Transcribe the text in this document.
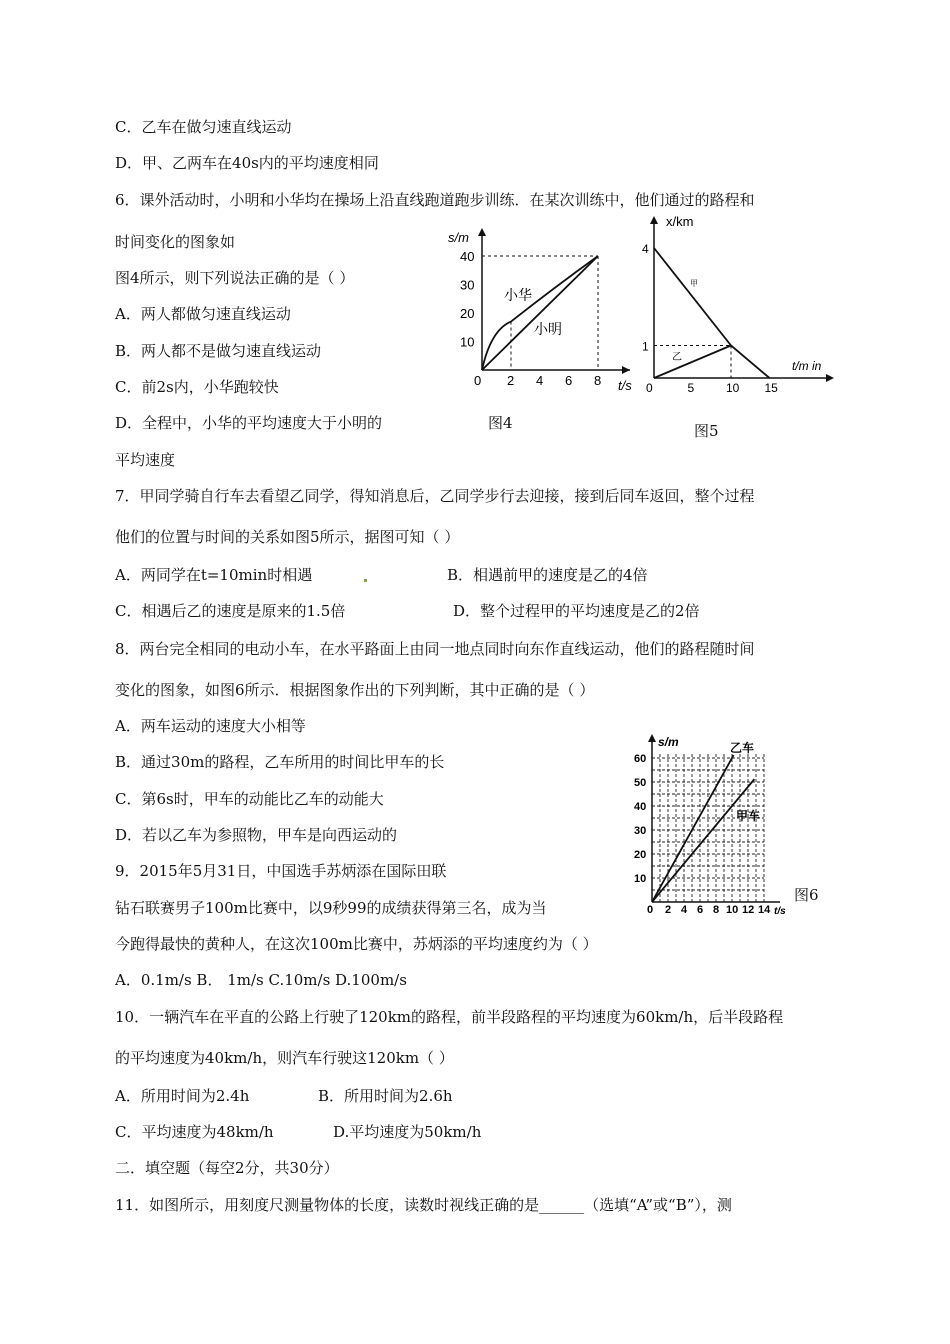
C．乙车在做匀速直线运动
D．甲、乙两车在40s内的平均速度相同
6．课外活动时，小明和小华均在操场上沿直线跑道跑步训练．在某次训练中，他们通过的路程和
时间变化的图象如
图4所示，则下列说法正确的是（ ）
A．两人都做匀速直线运动
B．两人都不是做匀速直线运动
C．前2s内，小华跑较快
D．全程中，小华的平均速度大于小明的
平均速度
7．甲同学骑自行车去看望乙同学，得知消息后，乙同学步行去迎接，接到后同车返回，整个过程
他们的位置与时间的关系如图5所示，据图可知（ ）
A．两同学在t=10min时相遇	B．相遇前甲的速度是乙的4倍
C．相遇后乙的速度是原来的1.5倍	D．整个过程甲的平均速度是乙的2倍
8．两台完全相同的电动小车，在水平路面上由同一地点同时向东作直线运动，他们的路程随时间
变化的图象，如图6所示．根据图象作出的下列判断，其中正确的是（ ）
A．两车运动的速度大小相等
B．通过30m的路程，乙车所用的时间比甲车的长
C．第6s时，甲车的动能比乙车的动能大
D．若以乙车为参照物，甲车是向西运动的
9．2015年5月31日，中国选手苏炳添在国际田联
钻石联赛男子100m比赛中，以9秒99的成绩获得第三名，成为当
今跑得最快的黄种人，在这次100m比赛中，苏炳添的平均速度约为（ ）
A．0.1m/s B． 1m/s C.10m/s D.100m/s
10．一辆汽车在平直的公路上行驶了120km的路程，前半段路程的平均速度为60km/h，后半段路程
的平均速度为40km/h，则汽车行驶这120km（ ）
A．所用时间为2.4h	B．所用时间为2.6h
C．平均速度为48km/h	D.平均速度为50km/h
二．填空题（每空2分，共30分）
11．如图所示，用刻度尺测量物体的长度，读数时视线正确的是______（选填“A”或“B”），测
2 4 6 8
40
30
20
10
s/m
t/s
0
小华
小明
图4
5	10 15
4
1
x/km
t/m in
0
甲
乙
图5
2 4 6 8 10 12 14
60
50
40
30
20
10
s/m
t/s
0
乙车
甲车
图6
